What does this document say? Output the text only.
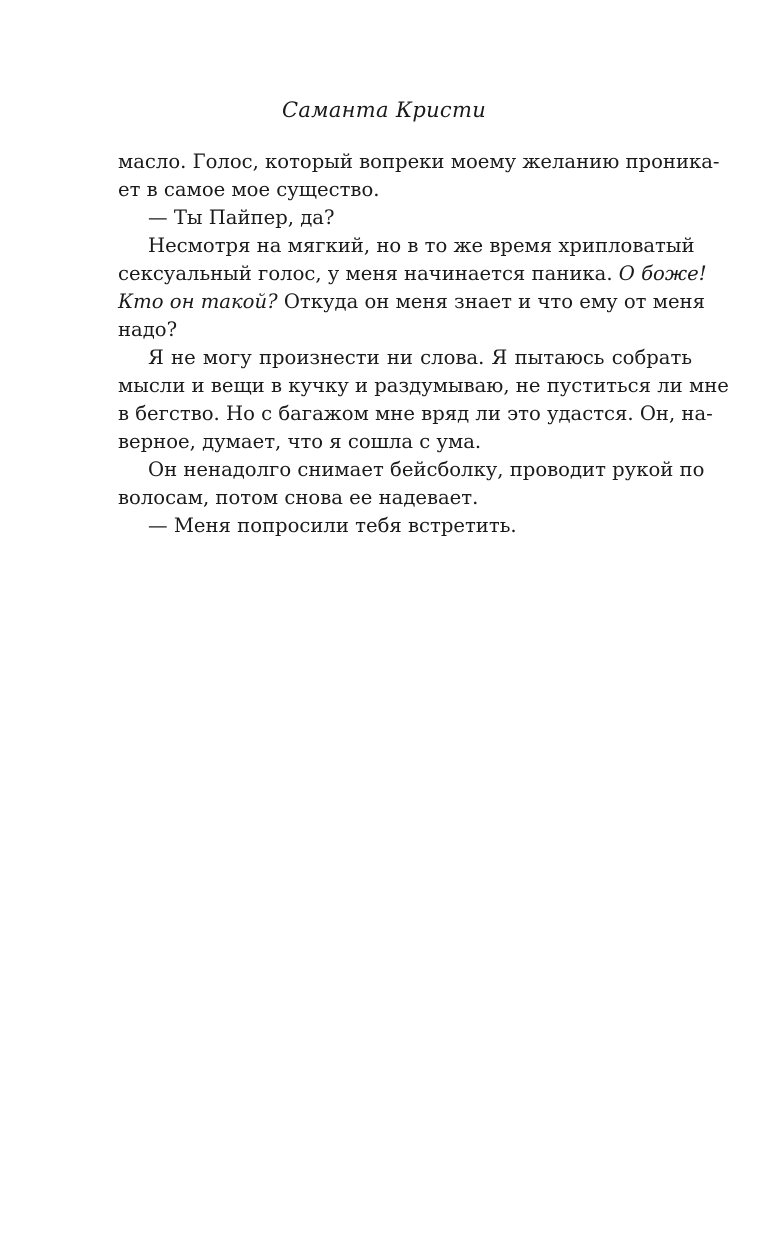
Саманта Кристи
масло. Голос, который вопреки моему желанию проника-
ет в самое мое существо.
— Ты Пайпер, да?
Несмотря на мягкий, но в то же время хрипловатый
сексуальный голос, у меня начинается паника. О боже!
Кто он такой? Откуда он меня знает и что ему от меня
надо?
Я не могу произнести ни слова. Я пытаюсь собрать
мысли и вещи в кучку и раздумываю, не пуститься ли мне
в бегство. Но с багажом мне вряд ли это удастся. Он, на-
верное, думает, что я сошла с ума.
Он ненадолго снимает бейсболку, проводит рукой по
волосам, потом снова ее надевает.
— Меня попросили тебя встретить.
